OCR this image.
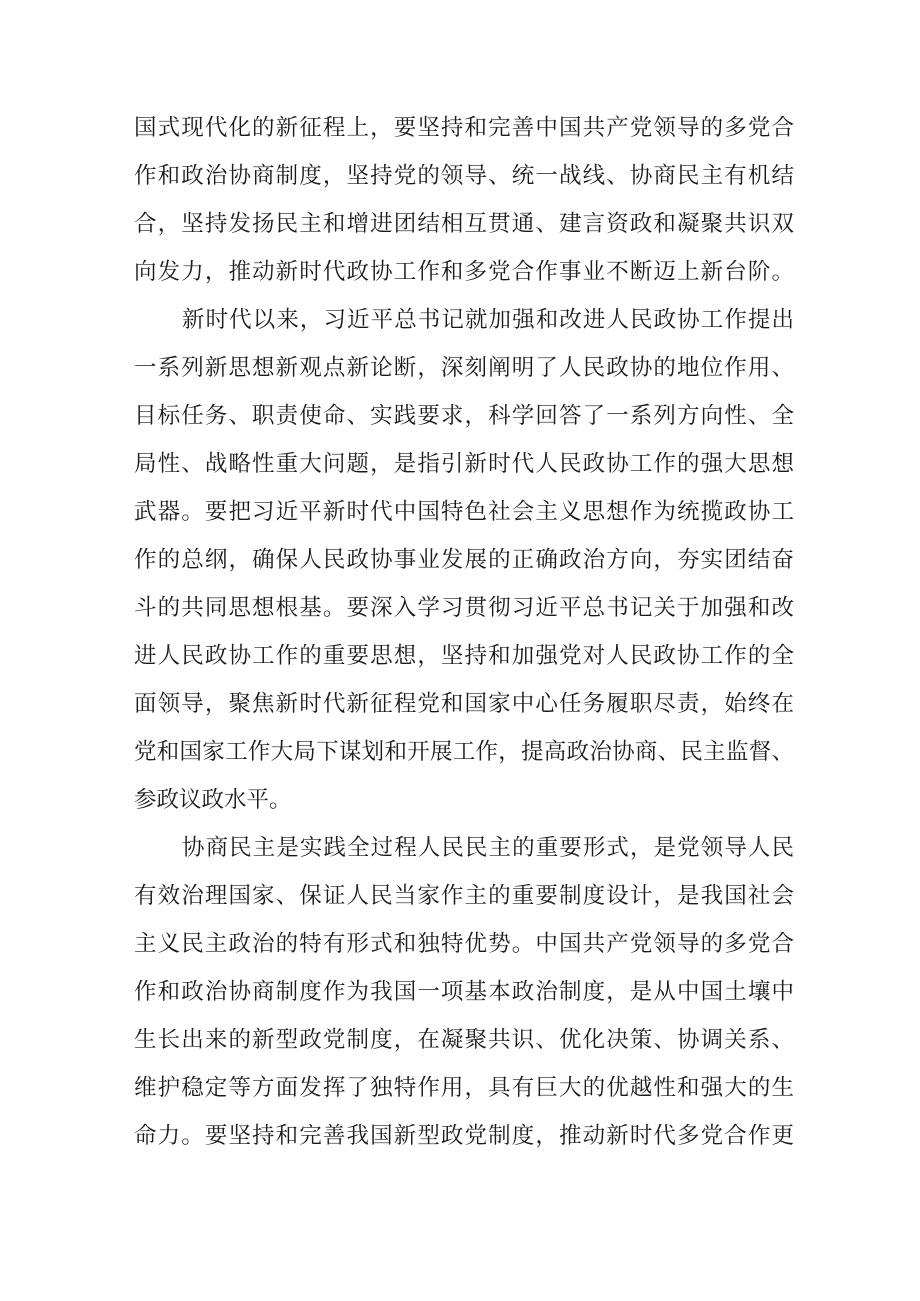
国式现代化的新征程上，要坚持和完善中国共产党领导的多党合
作和政治协商制度，坚持党的领导、统一战线、协商民主有机结
合，坚持发扬民主和增进团结相互贯通、建言资政和凝聚共识双
向发力，推动新时代政协工作和多党合作事业不断迈上新台阶。
新时代以来，习近平总书记就加强和改进人民政协工作提出
一系列新思想新观点新论断，深刻阐明了人民政协的地位作用、
目标任务、职责使命、实践要求，科学回答了一系列方向性、全
局性、战略性重大问题，是指引新时代人民政协工作的强大思想
武器。要把习近平新时代中国特色社会主义思想作为统揽政协工
作的总纲，确保人民政协事业发展的正确政治方向，夯实团结奋
斗的共同思想根基。要深入学习贯彻习近平总书记关于加强和改
进人民政协工作的重要思想，坚持和加强党对人民政协工作的全
面领导，聚焦新时代新征程党和国家中心任务履职尽责，始终在
党和国家工作大局下谋划和开展工作，提高政治协商、民主监督、
参政议政水平。
协商民主是实践全过程人民民主的重要形式，是党领导人民
有效治理国家、保证人民当家作主的重要制度设计，是我国社会
主义民主政治的特有形式和独特优势。中国共产党领导的多党合
作和政治协商制度作为我国一项基本政治制度，是从中国土壤中
生长出来的新型政党制度，在凝聚共识、优化决策、协调关系、
维护稳定等方面发挥了独特作用，具有巨大的优越性和强大的生
命力。要坚持和完善我国新型政党制度，推动新时代多党合作更
